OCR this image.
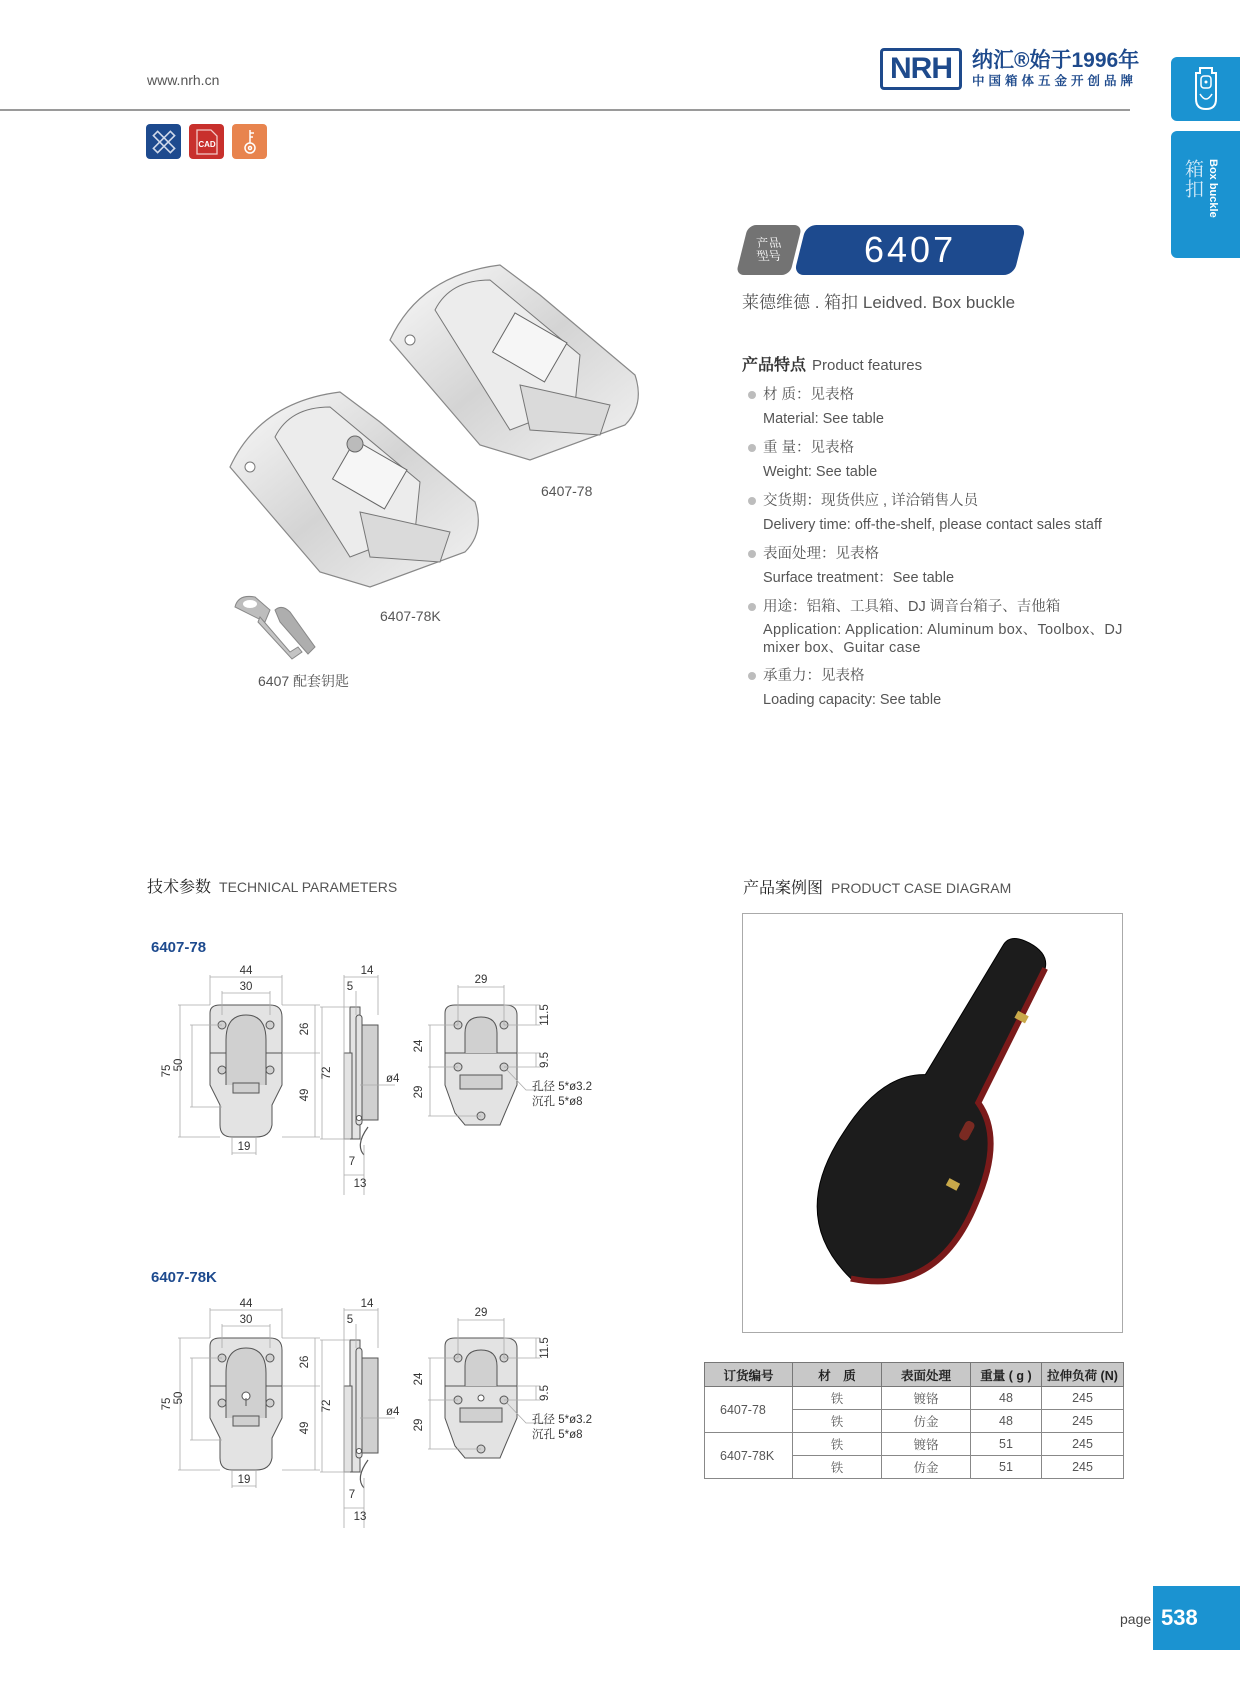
www.nrh.cn	NRH 纳汇®始于1996年
中国箱体五金开创品牌
箱扣 Box buckle
CAD
产品
型号 6407
莱德维德 . 箱扣 Leidved. Box buckle
产品特点 Product features
材 质：见表格
Material: See table
重 量：见表格
Weight: See table
交货期：现货供应 , 详洽销售人员
Delivery time: off-the-shelf, please contact sales staff
表面处理：见表格
Surface treatment：See table
用途：铝箱、工具箱、DJ 调音台箱子、吉他箱
Application: Application: Aluminum box、Toolbox、DJ mixer box、Guitar case
承重力：见表格
Loading capacity: See table
6407-78
6407-78K
6407 配套钥匙
技术参数 TECHNICAL PARAMETERS
6407-78
44
30
75 50
26
49
19
14
5
72	ø4
7
13
29
11.5
24
9.5
29	孔径 5*ø3.2
沉孔 5*ø8
6407-78K
44
30
75 50
26
49
19
14
5
72	ø4
7
13
29
11.5
24
9.5
29	孔径 5*ø3.2
沉孔 5*ø8
产品案例图 PRODUCT CASE DIAGRAM
订货编号	材　质	表面处理	重量 ( g )	拉伸负荷 (N)
6407-78	铁	镀铬	48	245
	铁	仿金	48	245
6407-78K	铁	镀铬	51	245
	铁	仿金	51	245
page 538
